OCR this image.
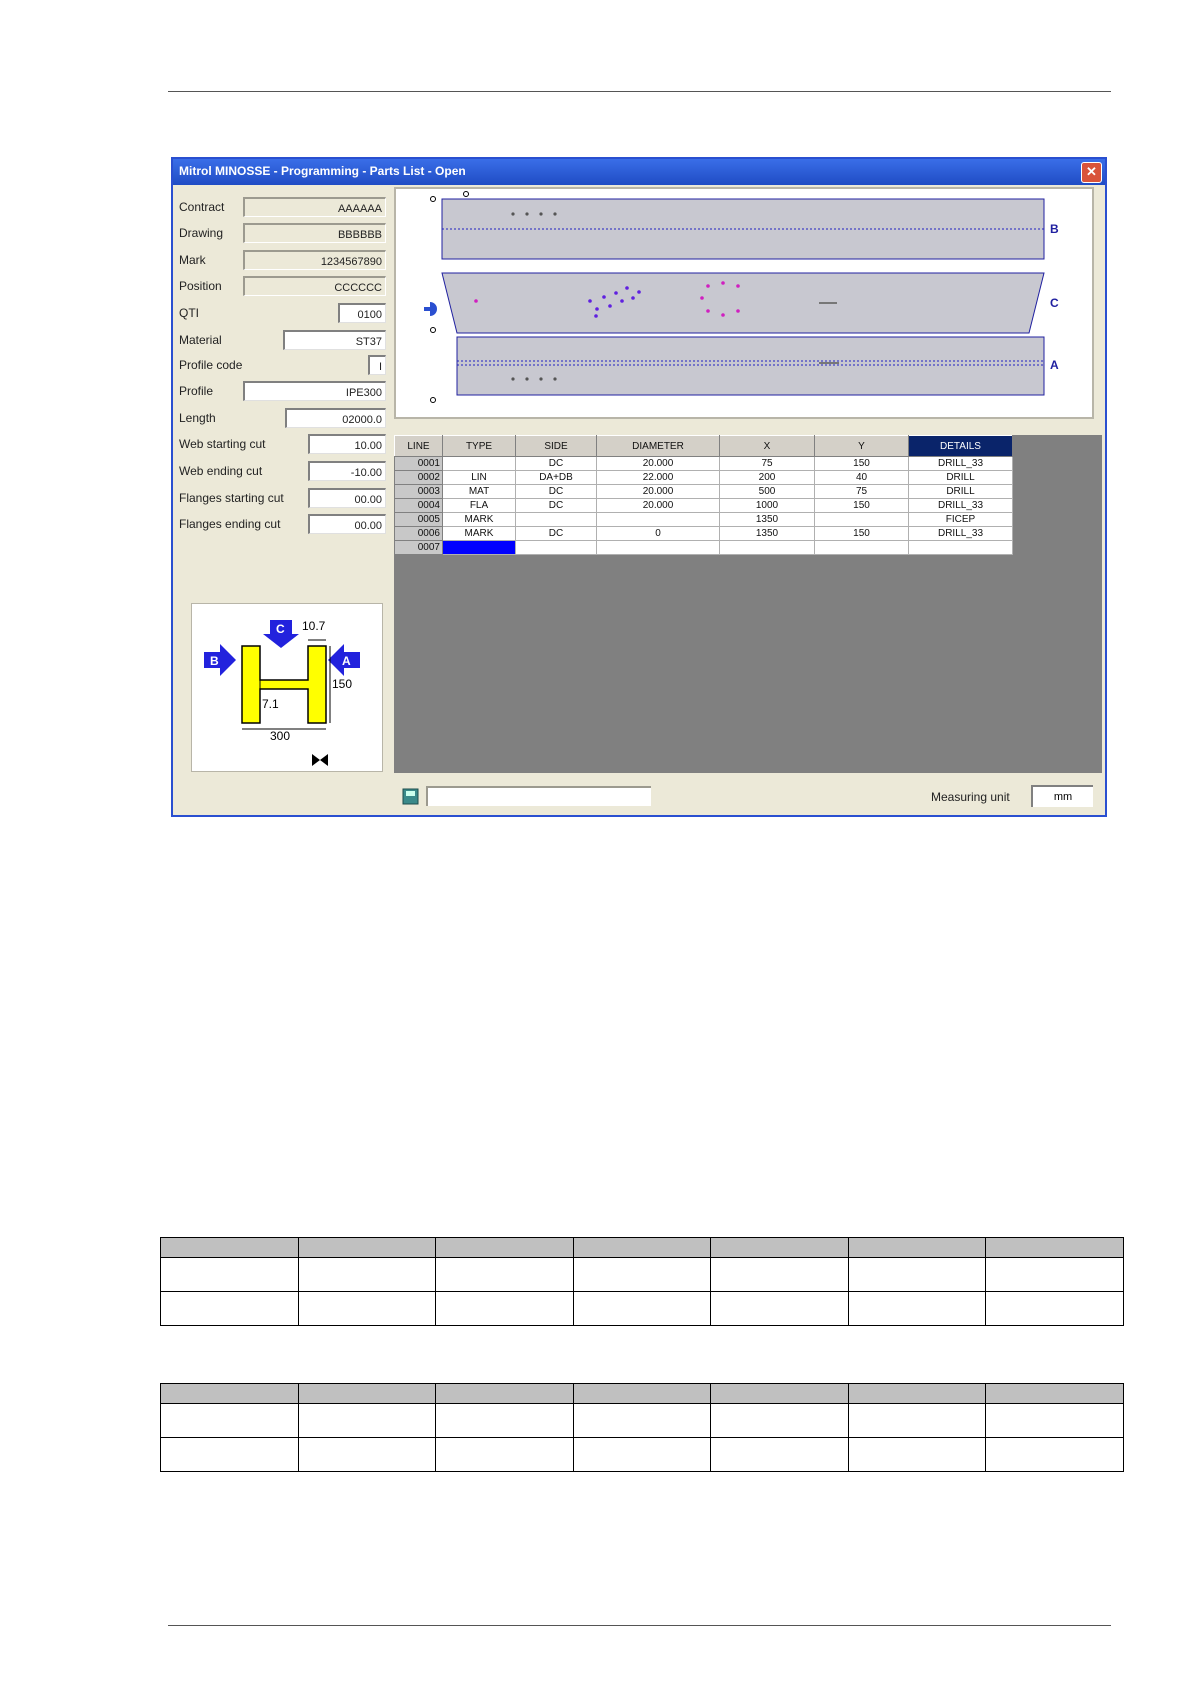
Mitrol MINOSSE - Programming - Parts List - Open	✕
Contract	AAAAAA
Drawing	BBBBBB
Mark	1234567890
Position	CCCCCC
QTI	0100
Material	ST37
Profile code	I
Profile	IPE300
Length	02000.0
Web starting cut	10.00
Web ending cut	-10.00
Flanges starting cut	00.00
Flanges ending cut	00.00
B
C
A
LINE	TYPE	SIDE	DIAMETER	X	Y	DETAILS
0001		DC	20.000	75	150	DRILL_33
0002	LIN	DA+DB	22.000	200	40	DRILL
0003	MAT	DC	20.000	500	75	DRILL
0004	FLA	DC	20.000	1000	150	DRILL_33
0005	MARK			1350		FICEP
0006	MARK	DC	0	1350	150	DRILL_33
0007						
C
B	A
10.7
150
7.1
300
Measuring unit	mm
